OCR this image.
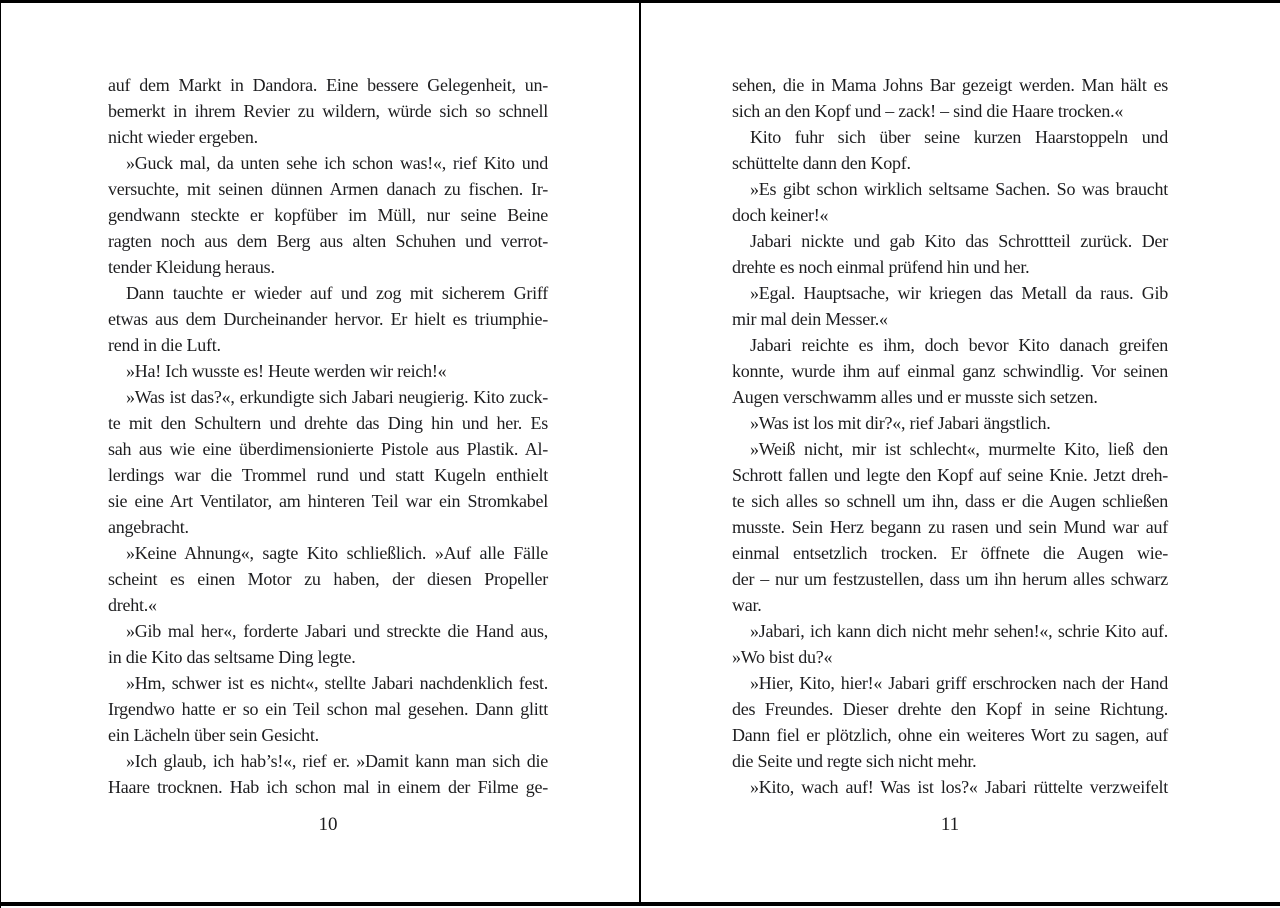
auf dem Markt in Dandora. Eine bessere Gelegenheit, un-
bemerkt in ihrem Revier zu wildern, würde sich so schnell
nicht wieder ergeben.
»Guck mal, da unten sehe ich schon was!«, rief Kito und
versuchte, mit seinen dünnen Armen danach zu fischen. Ir-
gendwann steckte er kopfüber im Müll, nur seine Beine
ragten noch aus dem Berg aus alten Schuhen und verrot-
tender Kleidung heraus.
Dann tauchte er wieder auf und zog mit sicherem Griff
etwas aus dem Durcheinander hervor. Er hielt es triumphie-
rend in die Luft.
»Ha! Ich wusste es! Heute werden wir reich!«
»Was ist das?«, erkundigte sich Jabari neugierig. Kito zuck-
te mit den Schultern und drehte das Ding hin und her. Es
sah aus wie eine überdimensionierte Pistole aus Plastik. Al-
lerdings war die Trommel rund und statt Kugeln enthielt
sie eine Art Ventilator, am hinteren Teil war ein Stromkabel
angebracht.
»Keine Ahnung«, sagte Kito schließlich. »Auf alle Fälle
scheint es einen Motor zu haben, der diesen Propeller
dreht.«
»Gib mal her«, forderte Jabari und streckte die Hand aus,
in die Kito das seltsame Ding legte.
»Hm, schwer ist es nicht«, stellte Jabari nachdenklich fest.
Irgendwo hatte er so ein Teil schon mal gesehen. Dann glitt
ein Lächeln über sein Gesicht.
»Ich glaub, ich hab’s!«, rief er. »Damit kann man sich die
Haare trocknen. Hab ich schon mal in einem der Filme ge-
10
sehen, die in Mama Johns Bar gezeigt werden. Man hält es
sich an den Kopf und – zack! – sind die Haare trocken.«
Kito fuhr sich über seine kurzen Haarstoppeln und
schüttelte dann den Kopf.
»Es gibt schon wirklich seltsame Sachen. So was braucht
doch keiner!«
Jabari nickte und gab Kito das Schrottteil zurück. Der
drehte es noch einmal prüfend hin und her.
»Egal. Hauptsache, wir kriegen das Metall da raus. Gib
mir mal dein Messer.«
Jabari reichte es ihm, doch bevor Kito danach greifen
konnte, wurde ihm auf einmal ganz schwindlig. Vor seinen
Augen verschwamm alles und er musste sich setzen.
»Was ist los mit dir?«, rief Jabari ängstlich.
»Weiß nicht, mir ist schlecht«, murmelte Kito, ließ den
Schrott fallen und legte den Kopf auf seine Knie. Jetzt dreh-
te sich alles so schnell um ihn, dass er die Augen schließen
musste. Sein Herz begann zu rasen und sein Mund war auf
einmal entsetzlich trocken. Er öffnete die Augen wie-
der – nur um festzustellen, dass um ihn herum alles schwarz
war.
»Jabari, ich kann dich nicht mehr sehen!«, schrie Kito auf.
»Wo bist du?«
»Hier, Kito, hier!« Jabari griff erschrocken nach der Hand
des Freundes. Dieser drehte den Kopf in seine Richtung.
Dann fiel er plötzlich, ohne ein weiteres Wort zu sagen, auf
die Seite und regte sich nicht mehr.
»Kito, wach auf! Was ist los?« Jabari rüttelte verzweifelt
11
